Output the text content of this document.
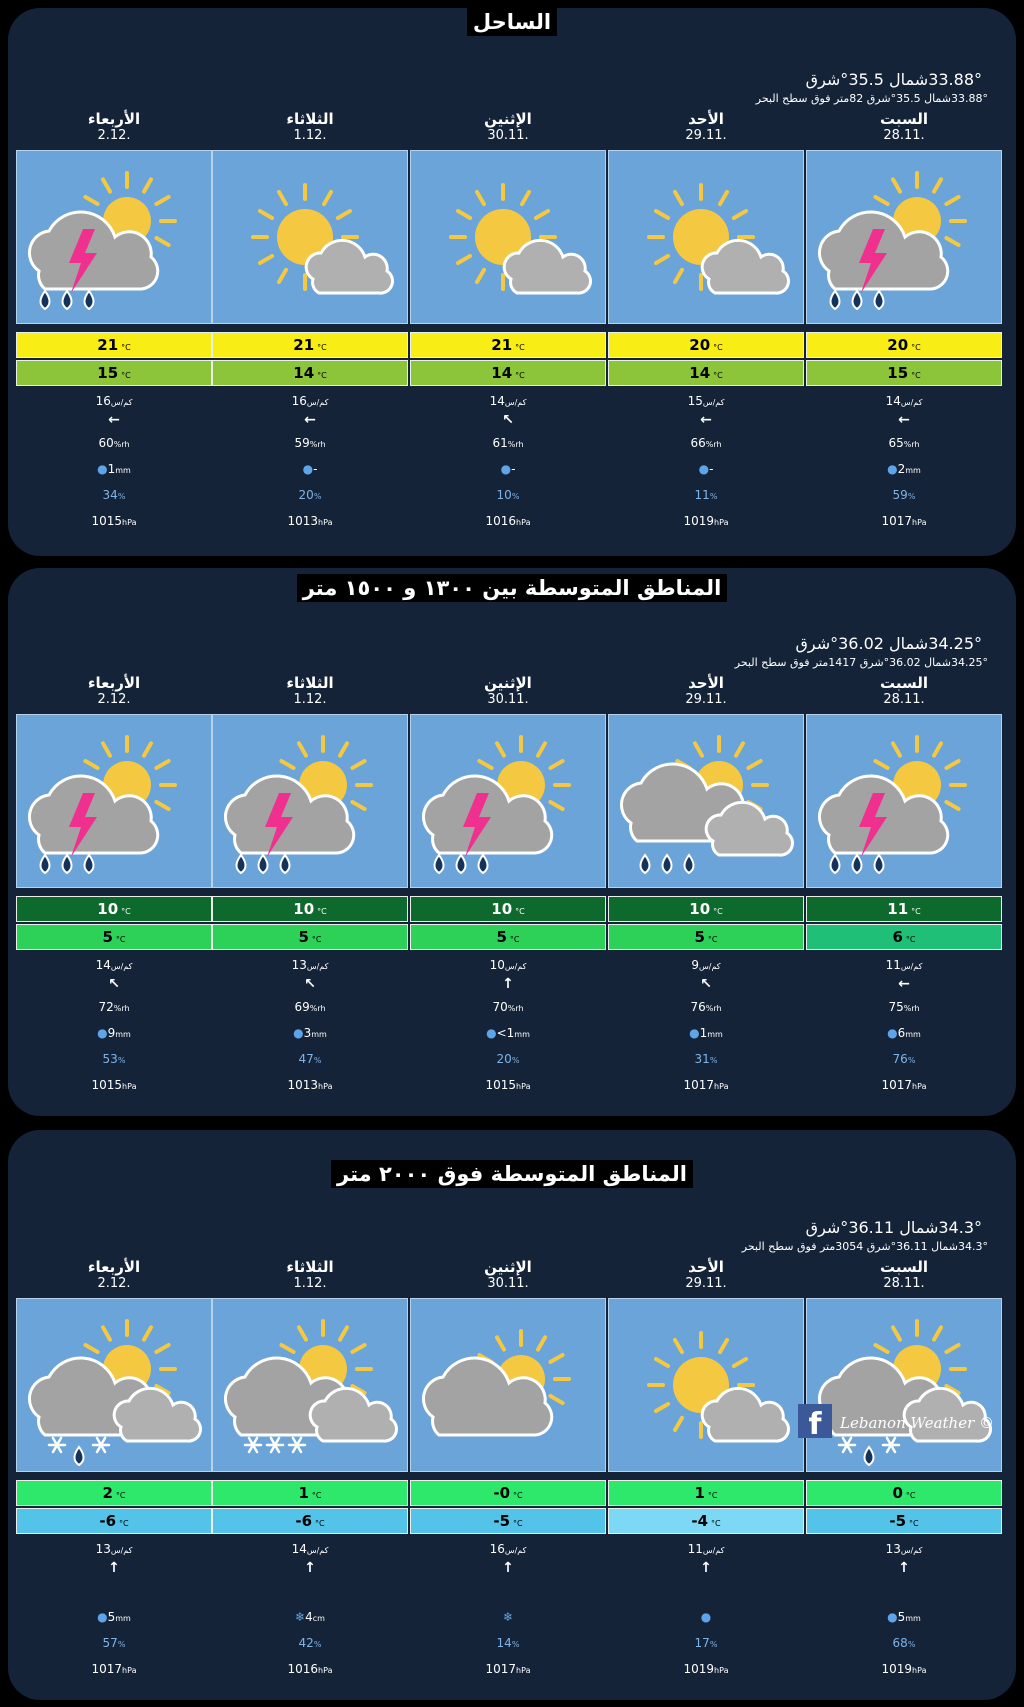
الساحل
33.88°شمال 35.5°شرق
33.88°شمال 35.5°شرق 82متر فوق سطح البحر
السبت
28.11.
20 °C
15 °C
14كم/س
←
65%rh
●2mm
59%
1017hPa
الأحد
29.11.
20 °C
14 °C
15كم/س
←
66%rh
●-
11%
1019hPa
الإثنين
30.11.
21 °C
14 °C
14كم/س
↖
61%rh
●-
10%
1016hPa
الثلاثاء
1.12.
21 °C
14 °C
16كم/س
←
59%rh
●-
20%
1013hPa
الأربعاء
2.12.
21 °C
15 °C
16كم/س
←
60%rh
●1mm
34%
1015hPa
المناطق المتوسطة بين ١٣٠٠ و ١٥٠٠ متر
34.25°شمال 36.02°شرق
34.25°شمال 36.02°شرق 1417متر فوق سطح البحر
السبت
28.11.
11 °C
6 °C
11كم/س
←
75%rh
●6mm
76%
1017hPa
الأحد
29.11.
10 °C
5 °C
9كم/س
↖
76%rh
●1mm
31%
1017hPa
الإثنين
30.11.
10 °C
5 °C
10كم/س
↑
70%rh
●<1mm
20%
1015hPa
الثلاثاء
1.12.
10 °C
5 °C
13كم/س
↖
69%rh
●3mm
47%
1013hPa
الأربعاء
2.12.
10 °C
5 °C
14كم/س
↖
72%rh
●9mm
53%
1015hPa
المناطق المتوسطة فوق ٢٠٠٠ متر
34.3°شمال 36.11°شرق
34.3°شمال 36.11°شرق 3054متر فوق سطح البحر
السبت
28.11.
0 °C
-5 °C
13كم/س
↑
●5mm
68%
1019hPa
الأحد
29.11.
1 °C
-4 °C
11كم/س
↑
●
17%
1019hPa
الإثنين
30.11.
-0 °C
-5 °C
16كم/س
↑
❄
14%
1017hPa
الثلاثاء
1.12.
1 °C
-6 °C
14كم/س
↑
❄4cm
42%
1016hPa
الأربعاء
2.12.
2 °C
-6 °C
13كم/س
↑
●5mm
57%
1017hPa
f Lebanon Weather ©
